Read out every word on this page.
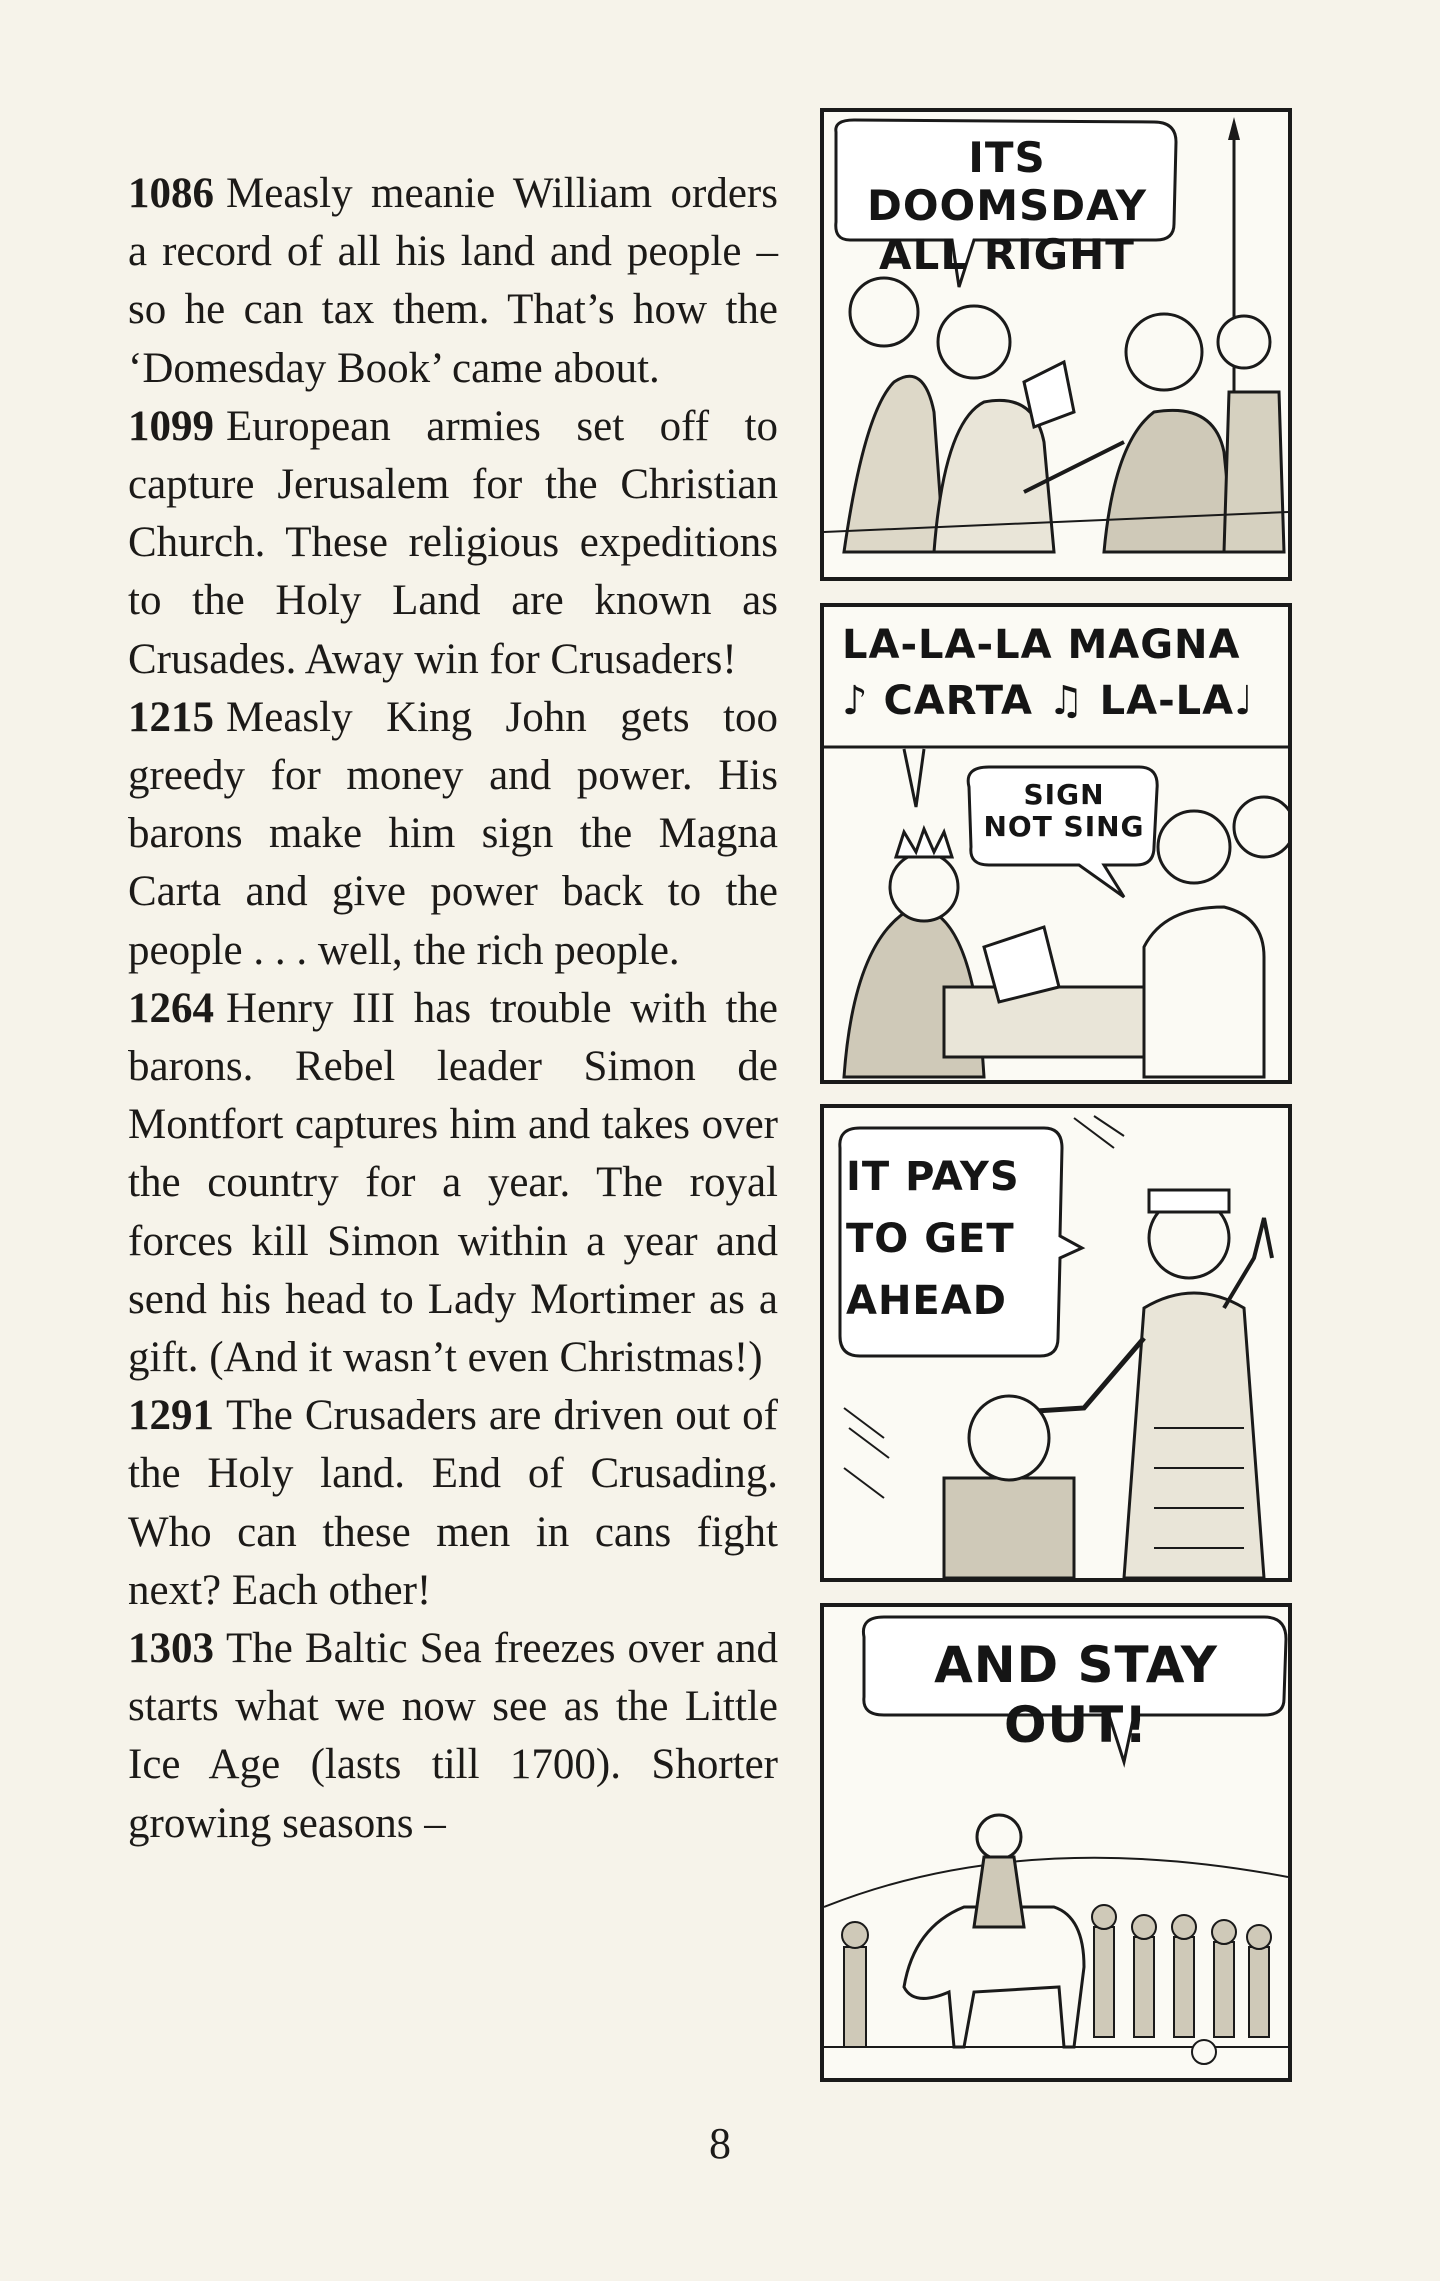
1086 Measly meanie William orders a record of all his land and people – so he can tax them. That’s how the ‘Domesday Book’ came about.

1099 European armies set off to capture Jerusalem for the Christian Church. These religious expeditions to the Holy Land are known as Crusades. Away win for Crusaders!

1215 Measly King John gets too greedy for money and power. His barons make him sign the Magna Carta and give power back to the people . . . well, the rich people.

1264 Henry III has trouble with the barons. Rebel leader Simon de Montfort captures him and takes over the country for a year. The royal forces kill Simon within a year and send his head to Lady Mortimer as a gift. (And it wasn’t even Christmas!)

1291 The Crusaders are driven out of the Holy land. End of Crusading. Who can these men in cans fight next? Each other!

1303 The Baltic Sea freezes over and starts what we now see as the Little Ice Age (lasts till 1700). Shorter growing seasons –

ITS DOOMSDAY
ALL RIGHT
LA-LA-LA MAGNA
♪ CARTA ♫ LA-LA♩
SIGN
NOT SING
IT PAYS
TO GET
AHEAD
AND STAY OUT!
8
